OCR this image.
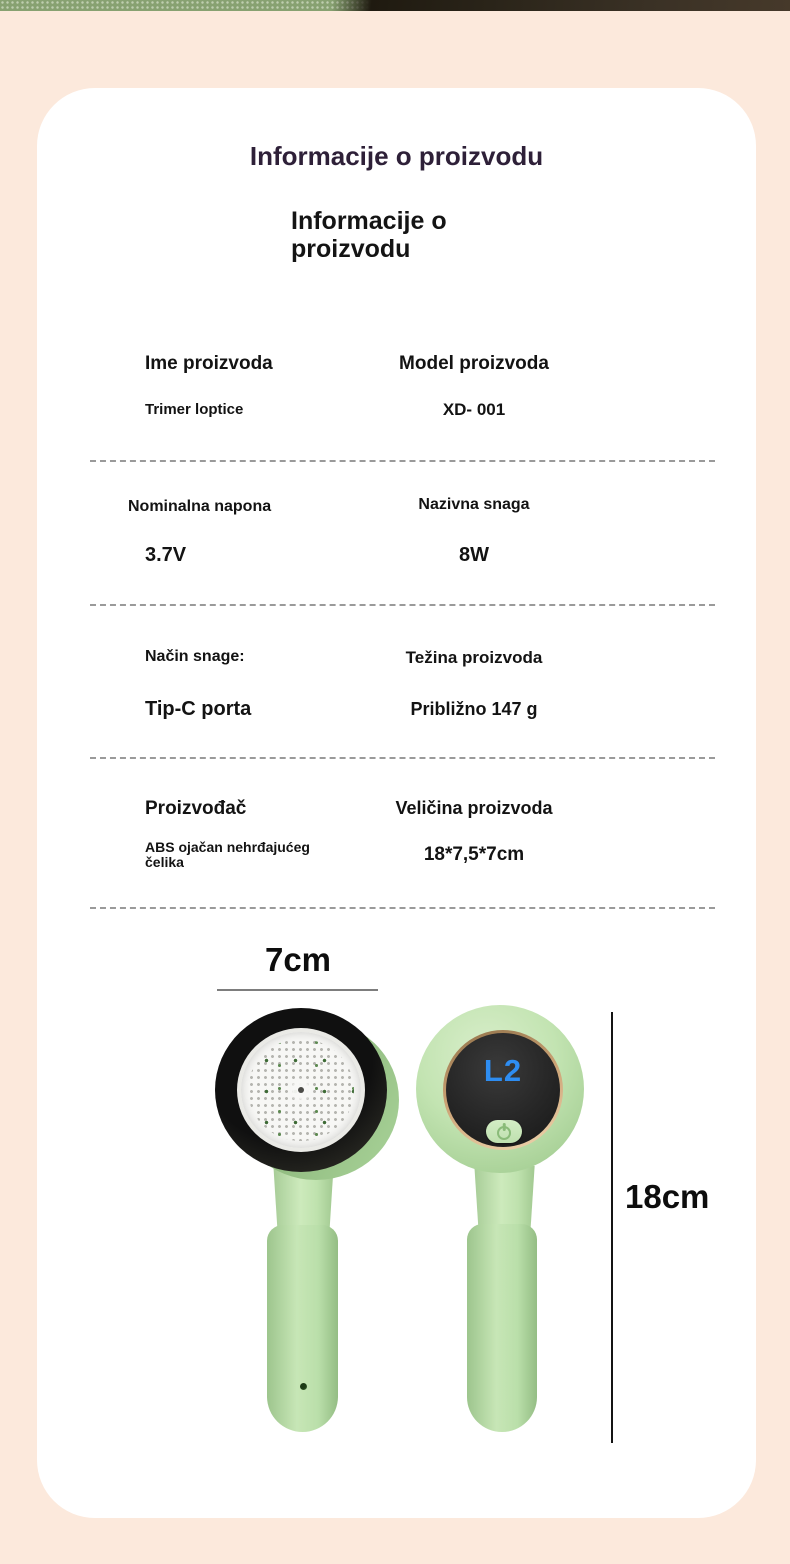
Informacije o proizvodu
Informacije o proizvodu
Ime proizvoda	Model proizvoda
Trimer loptice	XD- 001
Nominalna napona	Nazivna snaga
3.7V	8W
Način snage:	Težina proizvoda
Tip-C porta	Približno 147 g
Proizvođač	Veličina proizvoda
ABS ojačan nehrđajućeg čelika	18*7,5*7cm
7cm
18cm
L2
